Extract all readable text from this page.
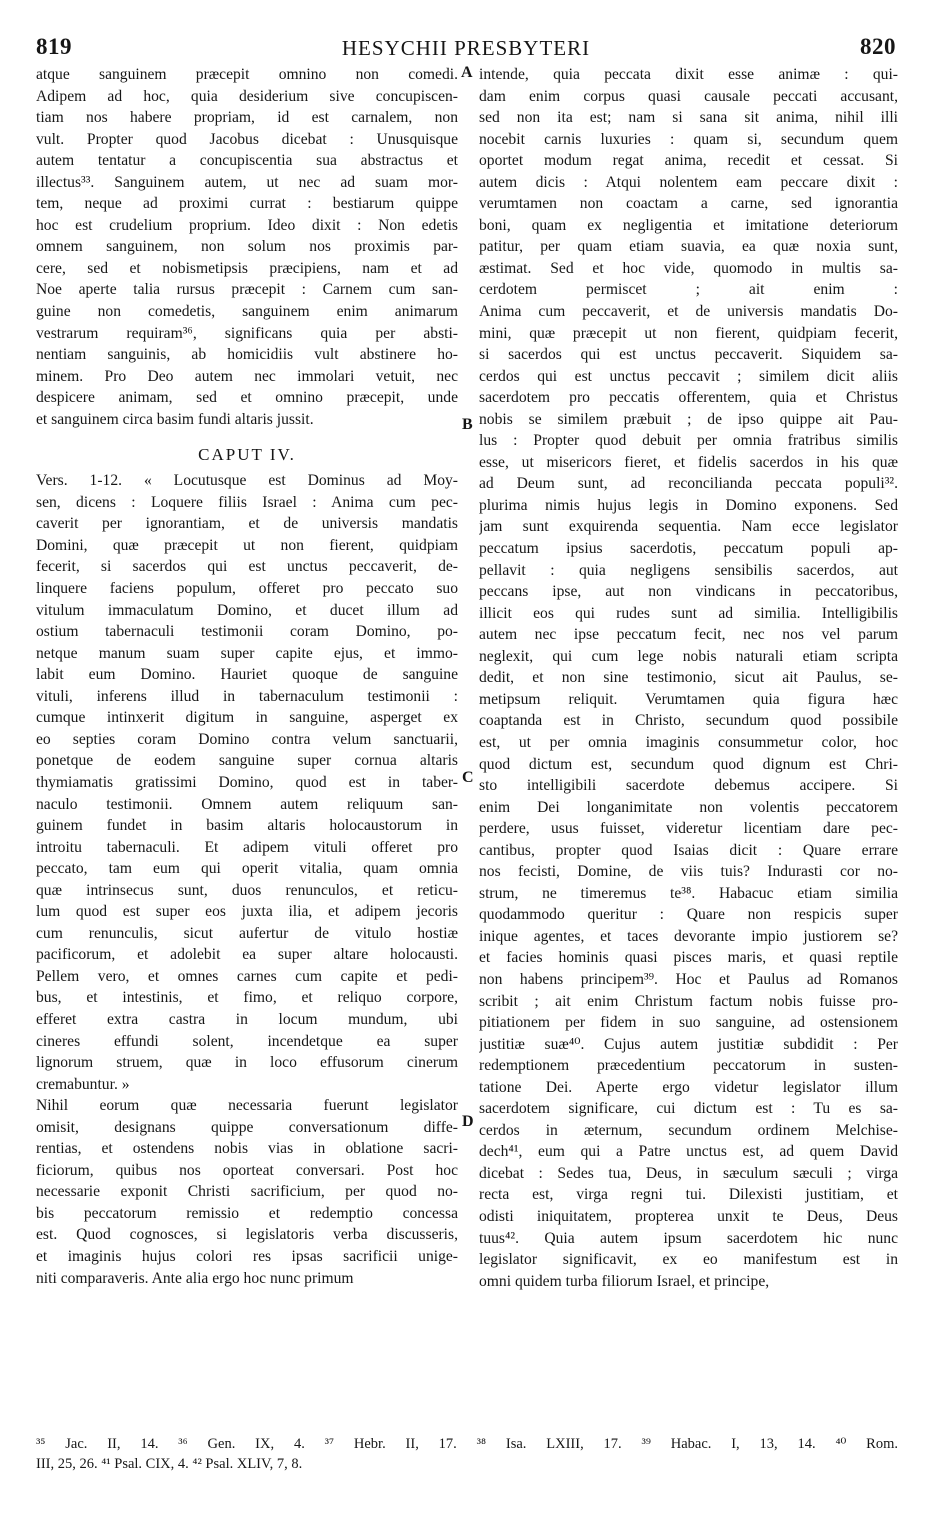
819	HESYCHII PRESBYTERI	820
A
B
C
D
atque sanguinem præcepit omnino non comedi.
Adipem ad hoc, quia desiderium sive concupiscen-
tiam nos habere propriam, id est carnalem, non
vult. Propter quod Jacobus dicebat : Unusquisque
autem tentatur a concupiscentia sua abstractus et
illectus³³. Sanguinem autem, ut nec ad suam mor-
tem, neque ad proximi currat : bestiarum quippe
hoc est crudelium proprium. Ideo dixit : Non edetis
omnem sanguinem, non solum nos proximis par-
cere, sed et nobismetipsis præcipiens, nam et ad
Noe aperte talia rursus præcepit : Carnem cum san-
guine non comedetis, sanguinem enim animarum
vestrarum requiram³⁶, significans quia per absti-
nentiam sanguinis, ab homicidiis vult abstinere ho-
minem. Pro Deo autem nec immolari vetuit, nec
despicere animam, sed et omnino præcepit, unde
et sanguinem circa basim fundi altaris jussit.
CAPUT IV.
Vers. 1-12. « Locutusque est Dominus ad Moy-
sen, dicens : Loquere filiis Israel : Anima cum pec-
caverit per ignorantiam, et de universis mandatis
Domini, quæ præcepit ut non fierent, quidpiam
fecerit, si sacerdos qui est unctus peccaverit, de-
linquere faciens populum, offeret pro peccato suo
vitulum immaculatum Domino, et ducet illum ad
ostium tabernaculi testimonii coram Domino, po-
netque manum suam super capite ejus, et immo-
labit eum Domino. Hauriet quoque de sanguine
vituli, inferens illud in tabernaculum testimonii :
cumque intinxerit digitum in sanguine, asperget ex
eo septies coram Domino contra velum sanctuarii,
ponetque de eodem sanguine super cornua altaris
thymiamatis gratissimi Domino, quod est in taber-
naculo testimonii. Omnem autem reliquum san-
guinem fundet in basim altaris holocaustorum in
introitu tabernaculi. Et adipem vituli offeret pro
peccato, tam eum qui operit vitalia, quam omnia
quæ intrinsecus sunt, duos renunculos, et reticu-
lum quod est super eos juxta ilia, et adipem jecoris
cum renunculis, sicut aufertur de vitulo hostiæ
pacificorum, et adolebit ea super altare holocausti.
Pellem vero, et omnes carnes cum capite et pedi-
bus, et intestinis, et fimo, et reliquo corpore,
efferet extra castra in locum mundum, ubi
cineres effundi solent, incendetque ea super
lignorum struem, quæ in loco effusorum cinerum
cremabuntur. »
Nihil eorum quæ necessaria fuerunt legislator
omisit, designans quippe conversationum diffe-
rentias, et ostendens nobis vias in oblatione sacri-
ficiorum, quibus nos oporteat conversari. Post hoc
necessarie exponit Christi sacrificium, per quod no-
bis peccatorum remissio et redemptio concessa
est. Quod cognosces, si legislatoris verba discusseris,
et imaginis hujus colori res ipsas sacrificii unige-
niti comparaveris. Ante alia ergo hoc nunc primum
intende, quia peccata dixit esse animæ : qui-
dam enim corpus quasi causale peccati accusant,
sed non ita est; nam si sana sit anima, nihil illi
nocebit carnis luxuries : quam si, secundum quem
oportet modum regat anima, recedit et cessat. Si
autem dicis : Atqui nolentem eam peccare dixit :
verumtamen non coactam a carne, sed ignorantia
boni, quam ex negligentia et imitatione deteriorum
patitur, per quam etiam suavia, ea quæ noxia sunt,
æstimat. Sed et hoc vide, quomodo in multis sa-
cerdotem permiscet ; ait enim :
Anima cum peccaverit, et de universis mandatis Do-
mini, quæ præcepit ut non fierent, quidpiam fecerit,
si sacerdos qui est unctus peccaverit. Siquidem sa-
cerdos qui est unctus peccavit ; similem dicit aliis
sacerdotem pro peccatis offerentem, quia et Christus
nobis se similem præbuit ; de ipso quippe ait Pau-
lus : Propter quod debuit per omnia fratribus similis
esse, ut misericors fieret, et fidelis sacerdos in his quæ
ad Deum sunt, ad reconcilianda peccata populi³².
plurima nimis hujus legis in Domino exponens. Sed
jam sunt exquirenda sequentia. Nam ecce legislator
peccatum ipsius sacerdotis, peccatum populi ap-
pellavit : quia negligens sensibilis sacerdos, aut
peccans ipse, aut non vindicans in peccatoribus,
illicit eos qui rudes sunt ad similia. Intelligibilis
autem nec ipse peccatum fecit, nec nos vel parum
neglexit, qui cum lege nobis naturali etiam scripta
dedit, et non sine testimonio, sicut ait Paulus, se-
metipsum reliquit. Verumtamen quia figura hæc
coaptanda est in Christo, secundum quod possibile
est, ut per omnia imaginis consummetur color, hoc
quod dictum est, secundum quod dignum est Chri-
sto intelligibili sacerdote debemus accipere. Si
enim Dei longanimitate non volentis peccatorem
perdere, usus fuisset, videretur licentiam dare pec-
cantibus, propter quod Isaias dicit : Quare errare
nos fecisti, Domine, de viis tuis? Indurasti cor no-
strum, ne timeremus te³⁸. Habacuc etiam similia
quodammodo queritur : Quare non respicis super
inique agentes, et taces devorante impio justiorem se?
et facies hominis quasi pisces maris, et quasi reptile
non habens principem³⁹. Hoc et Paulus ad Romanos
scribit ; ait enim Christum factum nobis fuisse pro-
pitiationem per fidem in suo sanguine, ad ostensionem
justitiæ suæ⁴⁰. Cujus autem justitiæ subdidit : Per
redemptionem præcedentium peccatorum in susten-
tatione Dei. Aperte ergo videtur legislator illum
sacerdotem significare, cui dictum est : Tu es sa-
cerdos in æternum, secundum ordinem Melchise-
dech⁴¹, eum qui a Patre unctus est, ad quem David
dicebat : Sedes tua, Deus, in sæculum sæculi ; virga
recta est, virga regni tui. Dilexisti justitiam, et
odisti iniquitatem, propterea unxit te Deus, Deus
tuus⁴². Quia autem ipsum sacerdotem hic nunc
legislator significavit, ex eo manifestum est in
omni quidem turba filiorum Israel, et principe,
³⁵ Jac. II, 14. ³⁶ Gen. IX, 4. ³⁷ Hebr. II, 17. ³⁸ Isa. LXIII, 17. ³⁹ Habac. I, 13, 14. ⁴⁰ Rom.
III, 25, 26. ⁴¹ Psal. CIX, 4. ⁴² Psal. XLIV, 7, 8.
